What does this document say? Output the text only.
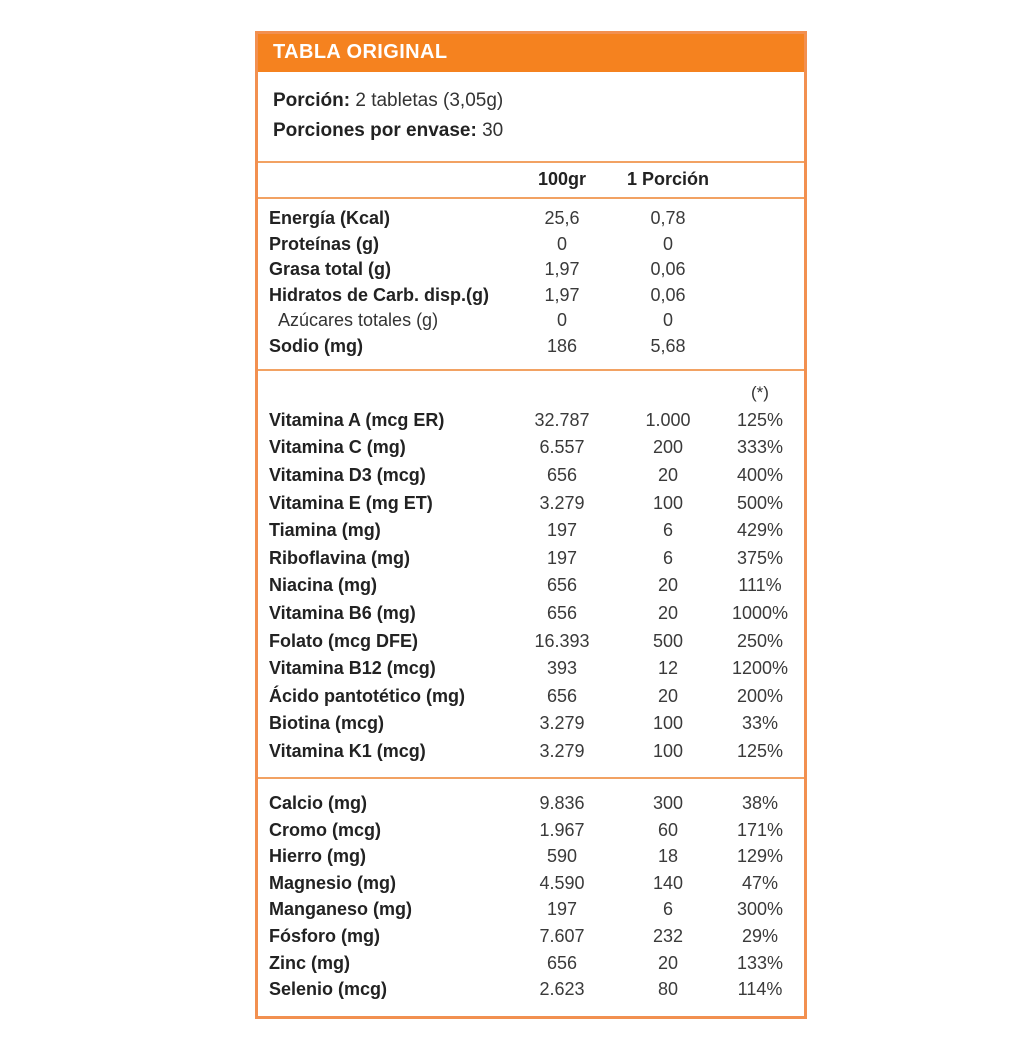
TABLA ORIGINAL
Porción: 2 tabletas (3,05g)
Porciones por envase: 30
100gr	1 Porción
Energía (Kcal)	25,6	0,78
Proteínas (g)	0	0
Grasa total (g)	1,97	0,06
Hidratos de Carb. disp.(g)	1,97	0,06
Azúcares totales (g)	0	0
Sodio (mg)	186	5,68
(*)
Vitamina A (mcg ER)	32.787	1.000	125%
Vitamina C (mg)	6.557	200	333%
Vitamina D3 (mcg)	656	20	400%
Vitamina E (mg ET)	3.279	100	500%
Tiamina (mg)	197	6	429%
Riboflavina (mg)	197	6	375%
Niacina (mg)	656	20	111%
Vitamina B6 (mg)	656	20	1000%
Folato (mcg DFE)	16.393	500	250%
Vitamina B12 (mcg)	393	12	1200%
Ácido pantotético (mg)	656	20	200%
Biotina (mcg)	3.279	100	33%
Vitamina K1 (mcg)	3.279	100	125%
Calcio (mg)	9.836	300	38%
Cromo (mcg)	1.967	60	171%
Hierro (mg)	590	18	129%
Magnesio (mg)	4.590	140	47%
Manganeso (mg)	197	6	300%
Fósforo (mg)	7.607	232	29%
Zinc (mg)	656	20	133%
Selenio (mcg)	2.623	80	114%
